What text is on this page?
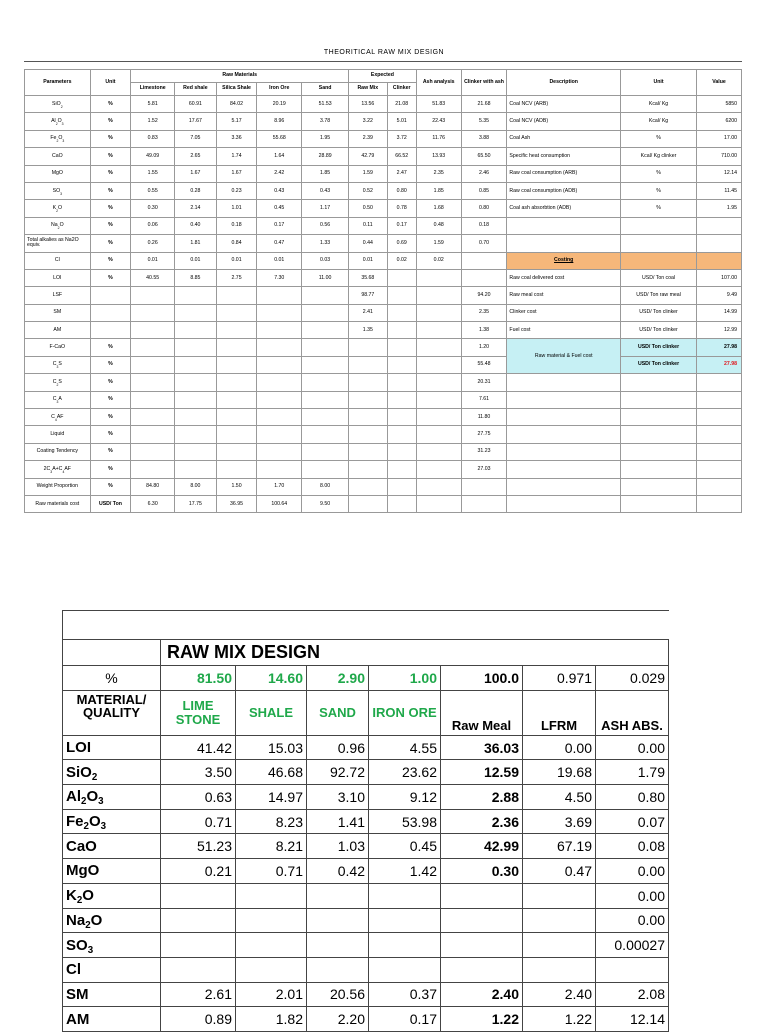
THEORITICAL RAW MIX DESIGN
Parameters	Unit	Raw Materials					Expected		Ash analysis	Clinker with ash	Description	Unit	Value
		Limestone	Red shale	Silica Shale	Iron Ore	Sand	Raw Mix	Clinker					
SiO$_2$	%	5.81	60.91	84.02	20.19	51.53	13.56	21.08	51.83	21.68	Coal NCV (ARB)	Kcal/ Kg	5850
$Al_2O_3$	%	1.52	17.67	5.17	8.96	3.78	3.22	5.01	22.43	5.35	Coal NCV (ADB)	Kcal/ Kg	6200
$Fe_2O_3$	%	0.83	7.05	3.36	55.68	1.95	2.39	3.72	11.76	3.88	Coal Ash	%	17.00
CaO	%	49.09	2.65	1.74	1.64	28.89	42.79	66.52	13.93	65.50	Specific heat consumption	Kcal/ Kg clinker	710.00
MgO	%	1.55	1.67	1.67	2.42	1.85	1.59	2.47	2.35	2.46	Raw coal consumption (ARB)	%	12.14
$SO_3$	%	0.55	0.28	0.23	0.43	0.43	0.52	0.80	1.85	0.85	Raw coal consumption (ADB)	%	11.45
$K_2O$	%	0.30	2.14	1.01	0.45	1.17	0.50	0.78	1.68	0.80	Coal ash absorbtion (ADB)	%	1.95
$Na_2O$	%	0.06	0.40	0.18	0.17	0.56	0.11	0.17	0.48	0.18			
Total alkalies as Na2O equiv.	%	0.26	1.81	0.84	0.47	1.33	0.44	0.69	1.59	0.70			
Cl	%	0.01	0.01	0.01	0.01	0.03	0.01	0.02	0.02		Costing		
LOI	%	40.55	8.85	2.75	7.30	11.00	35.68				Raw coal delivered cost	USD/ Ton coal	107.00
LSF							98.77			94.20	Raw meal cost	USD/ Ton raw meal	9.49
SM							2.41			2.35	Clinker cost	USD/ Ton clinker	14.99
AM							1.35			1.38	Fuel cost	USD/ Ton clinker	12.99
F-CaO	%									1.20	Raw material & Fuel cost	USD/ Ton clinker	27.98
$C_3S$	%									55.48		USD/ Ton clinker	27.98
$C_2S$	%									20.31			
$C_3A$	%									7.61			
$C_4AF$	%									11.80			
Liquid	%									27.75			
Coating Tendency	%									31.23			
$2C_3A+C_4AF$	%									27.03			
Weight Proportion	%	84.80	8.00	1.50	1.70	8.00							
Raw materials cost	USD/ Ton	6.30	17.75	36.95	100.64	9.50							

	RAW MIX DESIGN						
%	81.50	14.60	2.90	1.00	100.0	0.971	0.029
MATERIAL/ QUALITY	LIME STONE	SHALE	SAND	IRON ORE	Raw Meal	LFRM	ASH ABS.
LOI	41.42	15.03	0.96	4.55	36.03	0.00	0.00
SiO$_2$	3.50	46.68	92.72	23.62	12.59	19.68	1.79
$Al_2O_3$	0.63	14.97	3.10	9.12	2.88	4.50	0.80
$Fe_2O_3$	0.71	8.23	1.41	53.98	2.36	3.69	0.07
CaO	51.23	8.21	1.03	0.45	42.99	67.19	0.08
MgO	0.21	0.71	0.42	1.42	0.30	0.47	0.00
$K_2O$							0.00
$Na_2O$							0.00
$SO_3$							0.00027
Cl							
SM	2.61	2.01	20.56	0.37	2.40	2.40	2.08
AM	0.89	1.82	2.20	0.17	1.22	1.22	12.14
